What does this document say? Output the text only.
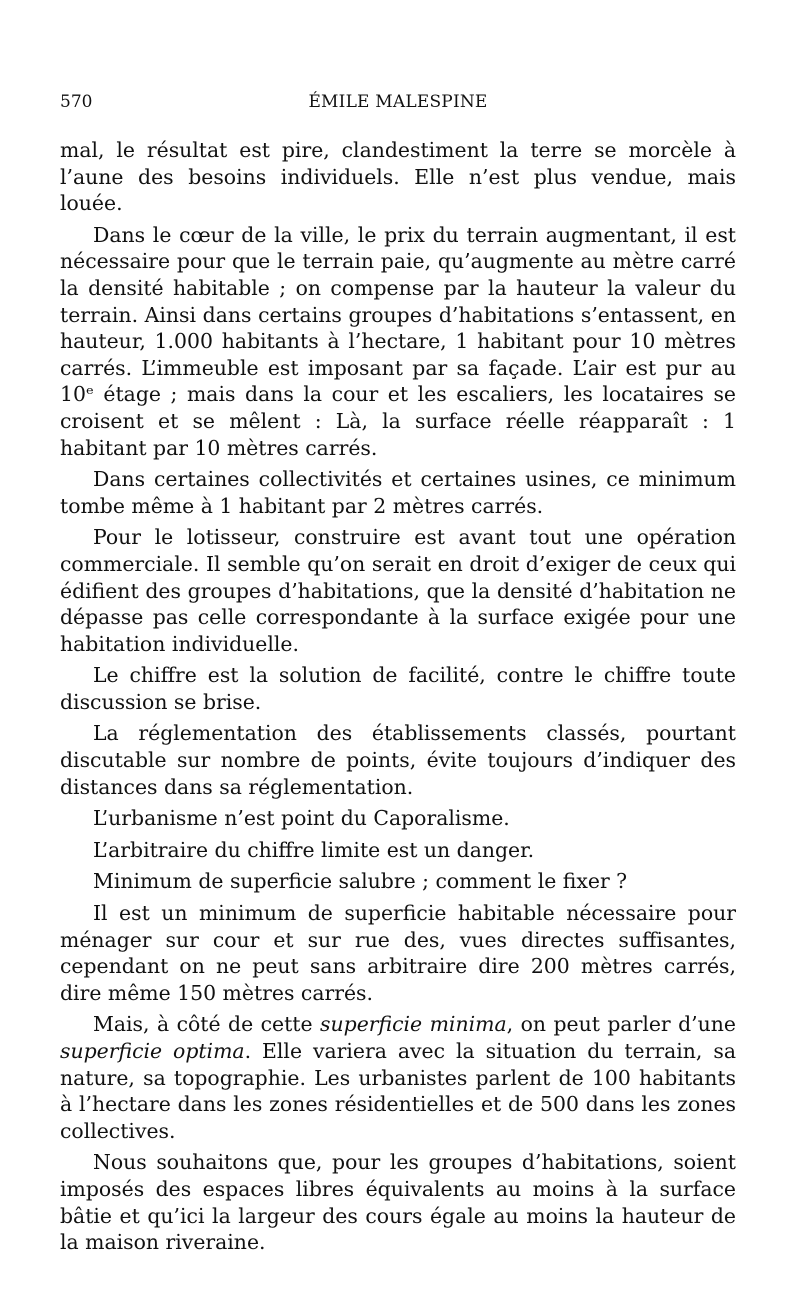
570	ÉMILE MALESPINE

mal, le résultat est pire, clandestiment la terre se morcèle à l’aune des besoins individuels. Elle n’est plus vendue, mais louée.

Dans le cœur de la ville, le prix du terrain augmentant, il est nécessaire pour que le terrain paie, qu’augmente au mètre carré la densité habitable ; on compense par la hauteur la valeur du terrain. Ainsi dans certains groupes d’habitations s’entassent, en hauteur, 1.000 habitants à l’hectare, 1 habitant pour 10 mètres carrés. L’immeuble est imposant par sa façade. L’air est pur au 10ᵉ étage ; mais dans la cour et les escaliers, les locataires se croisent et se mêlent : Là, la surface réelle réapparaît : 1 habitant par 10 mètres carrés.

Dans certaines collectivités et certaines usines, ce minimum tombe même à 1 habitant par 2 mètres carrés.

Pour le lotisseur, construire est avant tout une opération commerciale. Il semble qu’on serait en droit d’exiger de ceux qui édifient des groupes d’habitations, que la densité d’habitation ne dépasse pas celle correspondante à la surface exigée pour une habitation individuelle.

Le chiffre est la solution de facilité, contre le chiffre toute discussion se brise.

La réglementation des établissements classés, pourtant discutable sur nombre de points, évite toujours d’indiquer des distances dans sa réglementation.

L’urbanisme n’est point du Caporalisme.

L’arbitraire du chiffre limite est un danger.

Minimum de superficie salubre ; comment le fixer ?

Il est un minimum de superficie habitable nécessaire pour ménager sur cour et sur rue des, vues directes suffisantes, cependant on ne peut sans arbitraire dire 200 mètres carrés, dire même 150 mètres carrés.

Mais, à côté de cette superficie minima, on peut parler d’une superficie optima. Elle variera avec la situation du terrain, sa nature, sa topographie. Les urbanistes parlent de 100 habitants à l’hectare dans les zones résidentielles et de 500 dans les zones collectives.

Nous souhaitons que, pour les groupes d’habitations, soient imposés des espaces libres équivalents au moins à la surface bâtie et qu’ici la largeur des cours égale au moins la hauteur de la maison riveraine.
